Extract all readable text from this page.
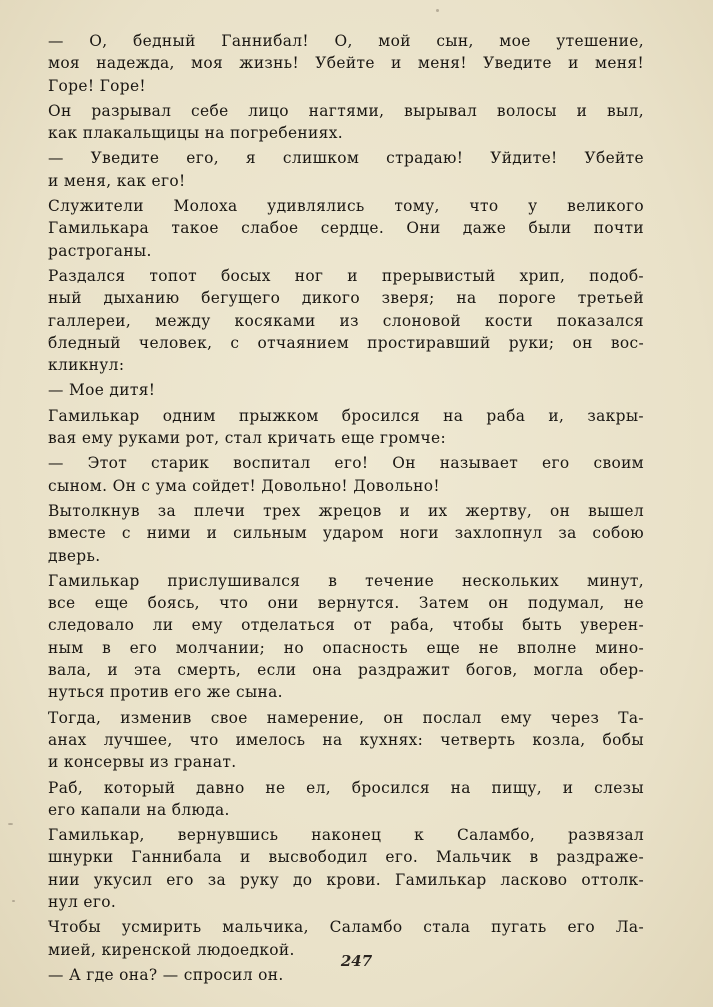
— О, бедный Ганнибал! О, мой сын, мое утешение,
моя надежда, моя жизнь! Убейте и меня! Уведите и меня!
Горе! Горе!
Он разрывал себе лицо нагтями, вырывал волосы и выл,
как плакальщицы на погребениях.
— Уведите его, я слишком страдаю! Уйдите! Убейте
и меня, как его!
Служители Молоха удивлялись тому, что у великого
Гамилькара такое слабое сердце. Они даже были почти
растроганы.
Раздался топот босых ног и прерывистый хрип, подоб-
ный дыханию бегущего дикого зверя; на пороге третьей
галлереи, между косяками из слоновой кости показался
бледный человек, с отчаянием простиравший руки; он вос-
кликнул:
— Мое дитя!
Гамилькар одним прыжком бросился на раба и, закры-
вая ему руками рот, стал кричать еще громче:
— Этот старик воспитал его! Он называет его своим
сыном. Он с ума сойдет! Довольно! Довольно!
Вытолкнув за плечи трех жрецов и их жертву, он вышел
вместе с ними и сильным ударом ноги захлопнул за собою
дверь.
Гамилькар прислушивался в течение нескольких минут,
все еще боясь, что они вернутся. Затем он подумал, не
следовало ли ему отделаться от раба, чтобы быть уверен-
ным в его молчании; но опасность еще не вполне мино-
вала, и эта смерть, если она раздражит богов, могла обер-
нуться против его же сына.
Тогда, изменив свое намерение, он послал ему через Та-
анах лучшее, что имелось на кухнях: четверть козла, бобы
и консервы из гранат.
Раб, который давно не ел, бросился на пищу, и слезы
его капали на блюда.
Гамилькар, вернувшись наконец к Саламбо, развязал
шнурки Ганнибала и высвободил его. Мальчик в раздраже-
нии укусил его за руку до крови. Гамилькар ласково оттолк-
нул его.
Чтобы усмирить мальчика, Саламбо стала пугать его Ла-
мией, киренской людоедкой.
— А где она? — спросил он.
247
